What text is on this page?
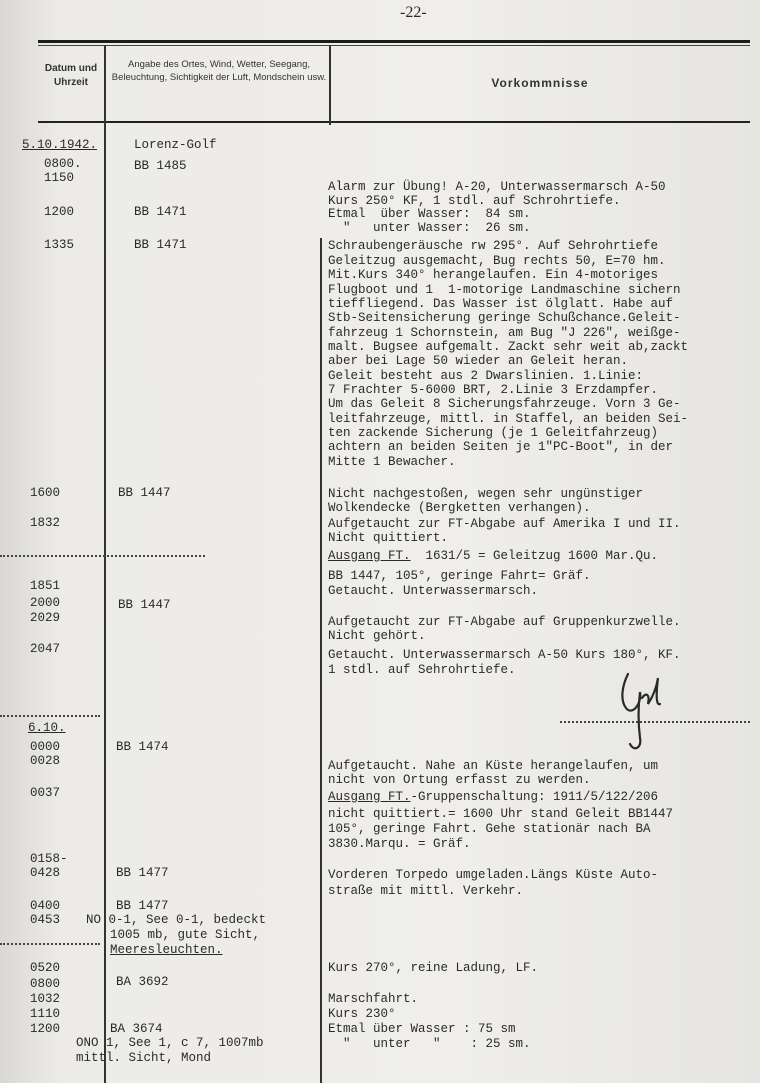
-22-
Datum und Uhrzeit
Angabe des Ortes, Wind, Wetter, Seegang, Beleuchtung, Sichtigkeit der Luft, Mondschein usw.	Vorkommnisse
5.10.1942.
0800.
1150
1200
1335
1600
1832
1851
2000
2029
2047
6.10.
0000
0028
0037
0158-
0428
0400
0453
0520
0800
1032
1110
1200
Lorenz-Golf
BB 1485
BB 1471
BB 1471
BB 1447
BB 1447
BB 1474
BB 1477
BB 1477
NO 0-1, See 0-1, bedeckt
1005 mb, gute Sicht,
Meeresleuchten.
BA 3692
BA 3674
ONO 1, See 1, c 7, 1007mb
mittl. Sicht, Mond
Alarm zur Übung! A-20, Unterwassermarsch A-50
Kurs 250° KF, 1 stdl. auf Schrohrtiefe.
Etmal  über Wasser:  84 sm.
"   unter Wasser:  26 sm.
Schraubengeräusche rw 295°. Auf Sehrohrtiefe
Geleitzug ausgemacht, Bug rechts 50, E=70 hm.
Mit.Kurs 340° herangelaufen. Ein 4-motoriges
Flugboot und 1  1-motorige Landmaschine sichern
tieffliegend. Das Wasser ist ölglatt. Habe auf
Stb-Seitensicherung geringe Schußchance.Geleit-
fahrzeug 1 Schornstein, am Bug "J 226", weißge-
malt. Bugsee aufgemalt. Zackt sehr weit ab,zackt
aber bei Lage 50 wieder an Geleit heran.
Geleit besteht aus 2 Dwarslinien. 1.Linie:
7 Frachter 5-6000 BRT, 2.Linie 3 Erzdampfer.
Um das Geleit 8 Sicherungsfahrzeuge. Vorn 3 Ge-
leitfahrzeuge, mittl. in Staffel, an beiden Sei-
ten zackende Sicherung (je 1 Geleitfahrzeug)
achtern an beiden Seiten je 1"PC-Boot", in der
Mitte 1 Bewacher.
Nicht nachgestoßen, wegen sehr ungünstiger
Wolkendecke (Bergketten verhangen).
Aufgetaucht zur FT-Abgabe auf Amerika I und II.
Nicht quittiert.
Ausgang FT.  1631/5 = Geleitzug 1600 Mar.Qu.
BB 1447, 105°, geringe Fahrt= Gräf.
Getaucht. Unterwassermarsch.
Aufgetaucht zur FT-Abgabe auf Gruppenkurzwelle.
Nicht gehört.
Getaucht. Unterwassermarsch A-50 Kurs 180°, KF.
1 stdl. auf Sehrohrtiefe.
Aufgetaucht. Nahe an Küste herangelaufen, um
nicht von Ortung erfasst zu werden.
Ausgang FT.-Gruppenschaltung: 1911/5/122/206
nicht quittiert.= 1600 Uhr stand Geleit BB1447
105°, geringe Fahrt. Gehe stationär nach BA
3830.Marqu. = Gräf.
Vorderen Torpedo umgeladen.Längs Küste Auto-
straße mit mittl. Verkehr.
Kurs 270°, reine Ladung, LF.
Marschfahrt.
Kurs 230°
Etmal über Wasser : 75 sm
"   unter   "    : 25 sm.
